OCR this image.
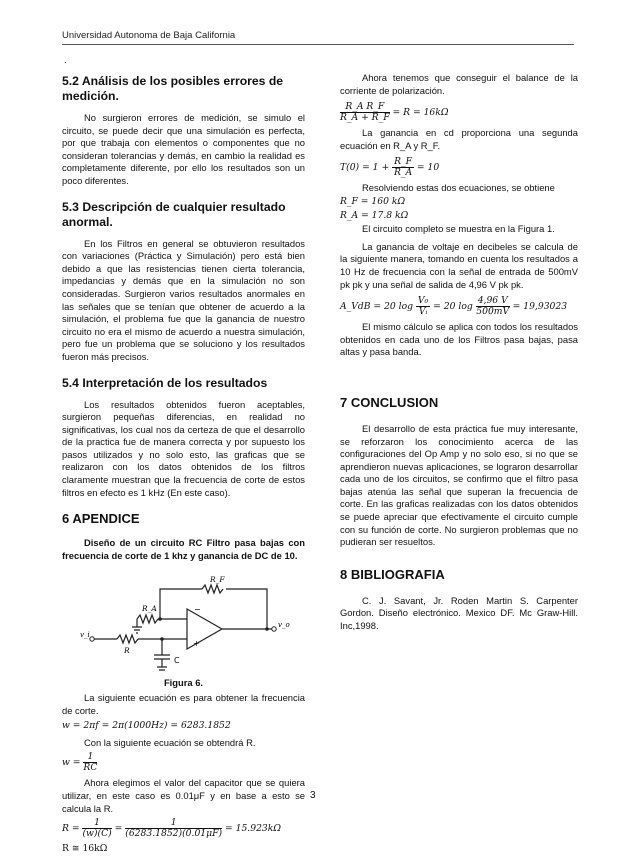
Universidad Autonoma de Baja California
.
5.2 Análisis de los posibles errores de medición.

No surgieron errores de medición, se simulo el circuito, se puede decir que una simulación es perfecta, por que trabaja con elementos o componentes que no consideran tolerancias y demás, en cambio la realidad es completamente diferente, por ello los resultados son un poco diferentes.

5.3 Descripción de cualquier resultado anormal.

En los Filtros en general se obtuvieron resultados con variaciones (Práctica y Simulación) pero está bien debido a que las resistencias tienen cierta tolerancia, impedancias y demás que en la simulación no son consideradas. Surgieron varios resultados anormales en las señales que se tenían que obtener de acuerdo a la simulación, el problema fue que la ganancia de nuestro circuito no era el mismo de acuerdo a nuestra simulación, pero fue un problema que se soluciono y los resultados fueron más precisos.

5.4 Interpretación de los resultados

Los resultados obtenidos fueron aceptables, surgieron pequeñas diferencias, en realidad no significativas, los cual nos da certeza de que el desarrollo de la practica fue de manera correcta y por supuesto los pasos utilizados y no solo esto, las graficas que se realizaron con los datos obtenidos de los filtros claramente muestran que la frecuencia de corte de estos filtros en efecto es 1 kHz (En este caso).

6 APENDICE

Diseño de un circuito RC Filtro pasa bajas con frecuencia de corte de 1 khz y ganancia de DC de 10.

−
+
R_F
R_A
R
C
v_i
v_o
Figura 6.

La siguiente ecuación es para obtener la frecuencia de corte.

w = 2πf = 2π(1000Hz) = 6283.1852

Con la siguiente ecuación se obtendrá R.

$w = \frac{1}{RC}$

Ahora elegimos el valor del capacitor que se quiera utilizar, en este caso es 0.01μF y en base a esto se calcula la R.

$R = \frac{1}{(w)(C)} = \frac{1}{(6283.1852)(0.01\mu F)} = 15.923k\Omega$
R ≅ 16kΩ

Ahora tenemos que conseguir el balance de la corriente de polarización.

$\frac{\text{R\_A R\_F}}{R\_A + R\_F} = R = 16k\Omega$

La ganancia en cd proporciona una segunda ecuación en R_A y R_F.

$T(0) = 1 + \frac{R\_F}{R\_A} = 10$

Resolviendo estas dos ecuaciones, se obtiene

R_F = 160 kΩ
R_A = 17.8 kΩ

El circuito completo se muestra en la Figura 1.

La ganancia de voltaje en decibeles se calcula de la siguiente manera, tomando en cuenta los resultados a 10 Hz de frecuencia con la señal de entrada de 500mV pk pk y una señal de salida de 4,96 V pk pk.

A_VdB = 20 $\log \frac{\text{V₀}}{\text{Vᵢ}} = 20$ $\log \frac{4,96 V}{500mV} = 19,93023$

El mismo cálculo se aplica con todos los resultados obtenidos en cada uno de los Filtros pasa bajas, pasa altas y pasa banda.

7 CONCLUSION

El desarrollo de esta práctica fue muy interesante, se reforzaron los conocimiento acerca de las configuraciones del Op Amp y no solo eso, si no que se aprendieron nuevas aplicaciones, se lograron desarrollar cada uno de los circuitos, se confirmo que el filtro pasa bajas atenúa las señal que superan la frecuencia de corte. En las graficas realizadas con los datos obtenidos se puede apreciar que efectivamente el circuito cumple con su función de corte. No surgieron problemas que no pudieran ser resueltos.

8 BIBLIOGRAFIA

C. J. Savant, Jr. Roden Martin S. Carpenter Gordon. Diseño electrónico. Mexico DF. Mc Graw-Hill. Inc,1998.

3
